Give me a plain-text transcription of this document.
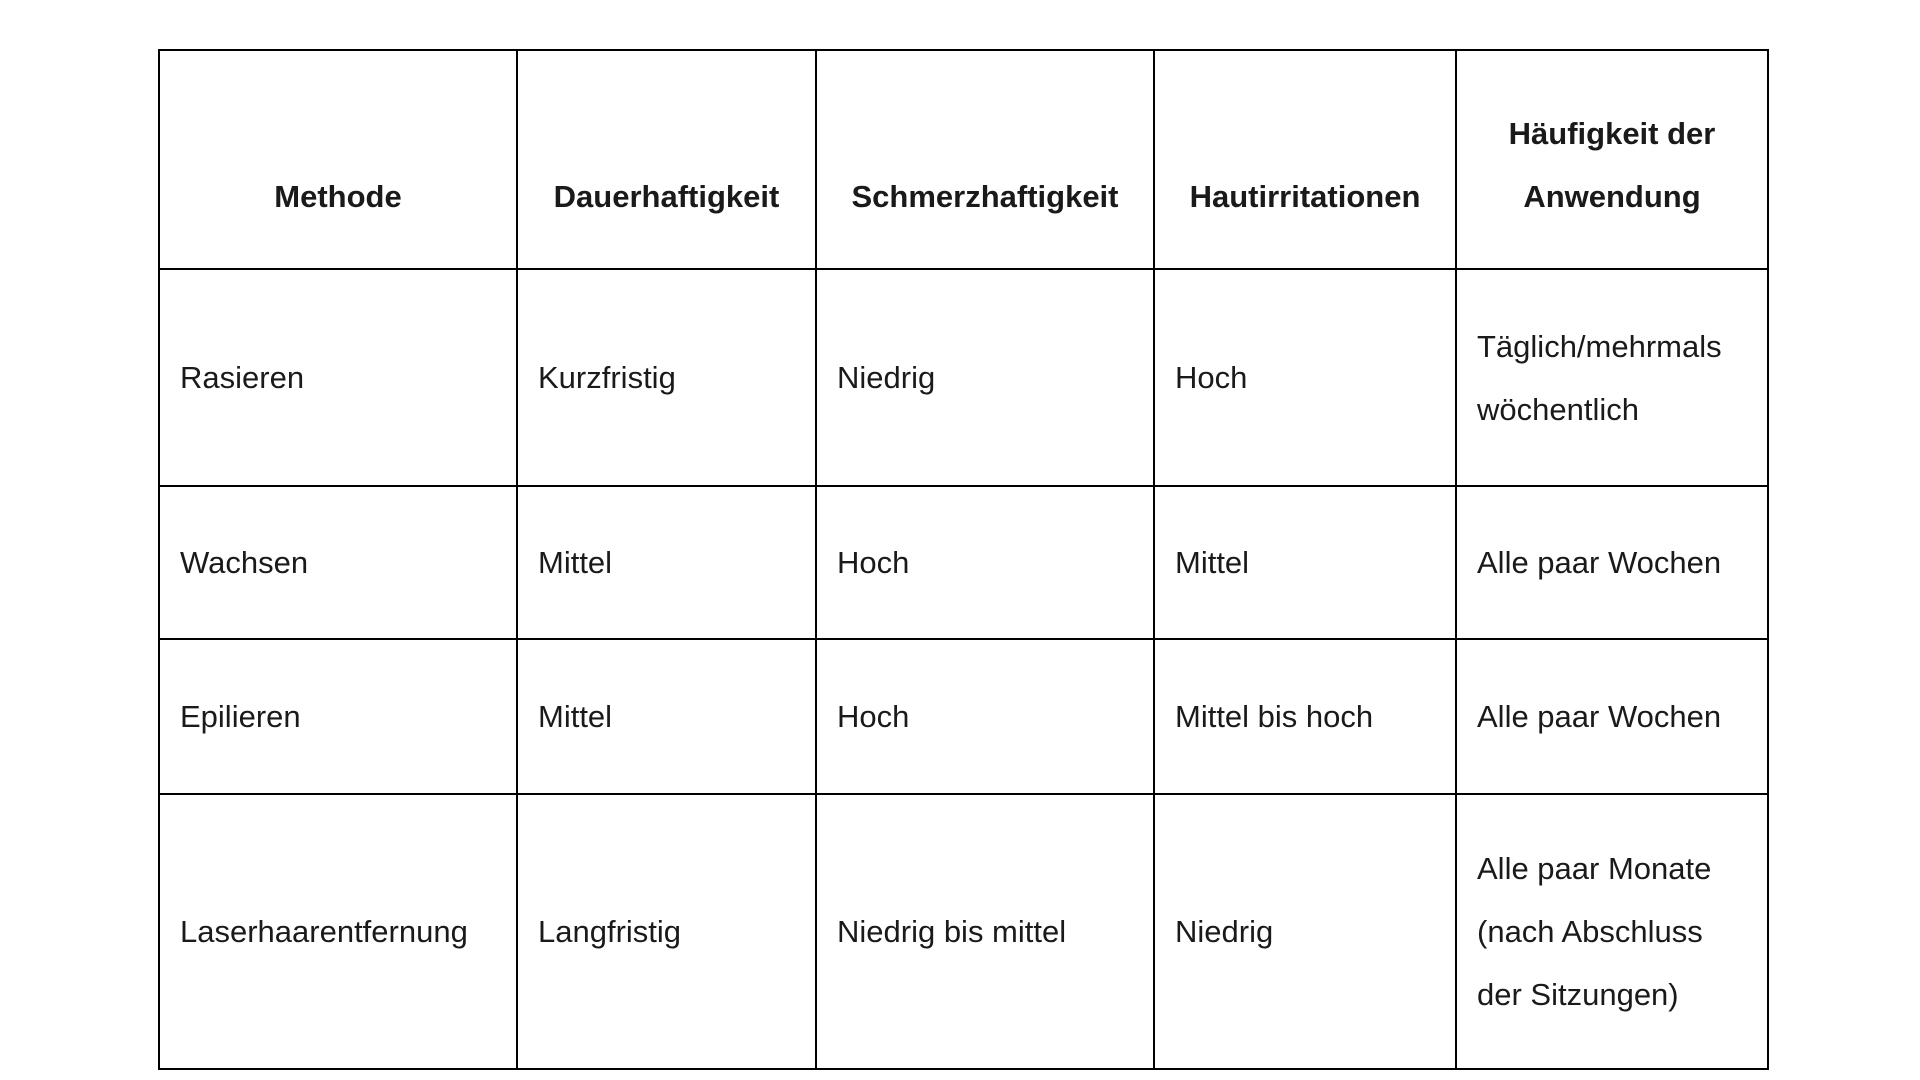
Methode	Dauerhaftigkeit	Schmerzhaftigkeit	Hautirritationen	Häufigkeit der Anwendung
Rasieren	Kurzfristig	Niedrig	Hoch	Täglich/mehrmals wöchentlich
Wachsen	Mittel	Hoch	Mittel	Alle paar Wochen
Epilieren	Mittel	Hoch	Mittel bis hoch	Alle paar Wochen
Laserhaarentfernung	Langfristig	Niedrig bis mittel	Niedrig	Alle paar Monate (nach Abschluss der Sitzungen)
